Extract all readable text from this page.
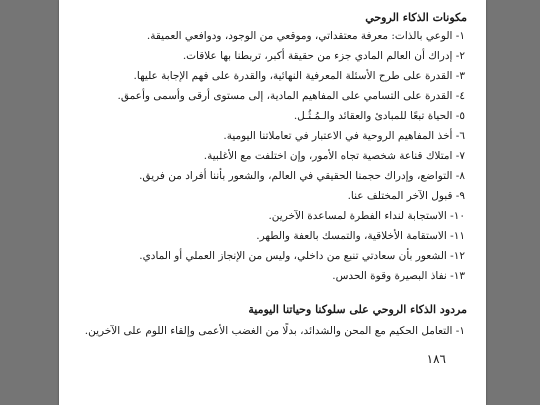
مكونات الذكاء الروحي
١- الوعي بالذات: معرفة معتقداتي، وموقعي من الوجود، ودوافعي العميقة.
٢- إدراك أن العالم المادي جزء من حقيقة أكبر، تربطنا بها علاقات.
٣- القدرة على طرح الأسئلة المعرفية النهائية، والقدرة على فهم الإجابة عليها.
٤- القدرة على التسامي على المفاهيم المادية، إلى مستوى أرقى وأسمى وأعمق.
٥- الحياة تبعًا للمبادئ والعقائد والـمُـثُـل.
٦- أخذ المفاهيم الروحية في الاعتبار في تعاملاتنا اليومية.
٧- امتلاك قناعة شخصية تجاه الأمور، وإن اختلفت مع الأغلبية.
٨- التواضع، وإدراك حجمنا الحقيقي في العالم، والشعور بأننا أفراد من فريق.
٩- قبول الآخر المختلف عنا.
١٠- الاستجابة لنداء الفطرة لمساعدة الآخرين.
١١- الاستقامة الأخلاقية، والتمسك بالعفة والطهر.
١٢- الشعور بأن سعادتي تنبع من داخلي، وليس من الإنجاز العملي أو المادي.
١٣- نفاذ البصيرة وقوة الحدس.
مردود الذكاء الروحي على سلوكنا وحياتنا اليومية
١- التعامل الحكيم مع المحن والشدائد، بدلًا من الغضب الأعمى وإلقاء اللوم على الآخرين.
١٨٦
